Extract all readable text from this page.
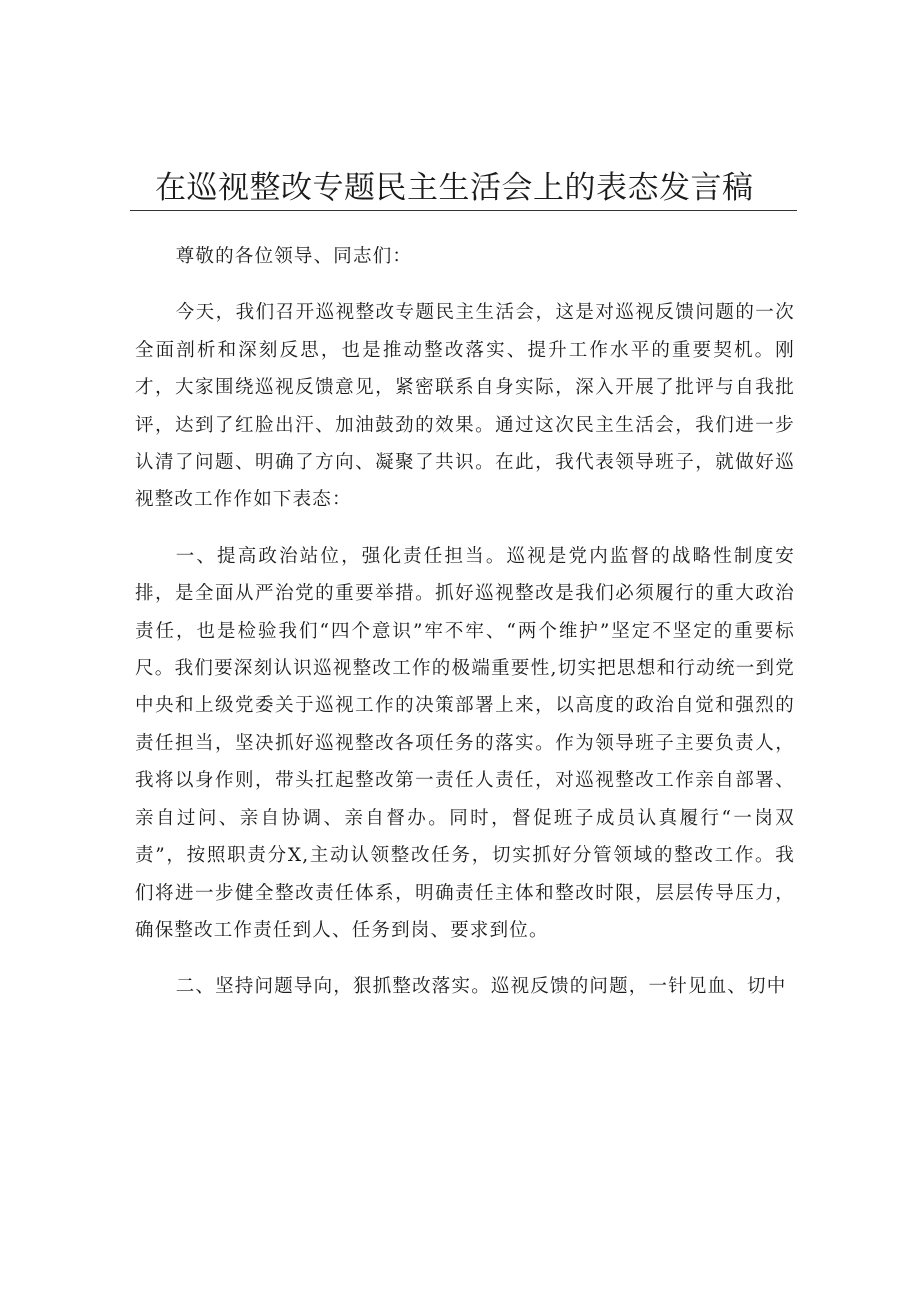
在巡视整改专题民主生活会上的表态发言稿

尊敬的各位领导、同志们：

今天，我们召开巡视整改专题民主生活会，这是对巡视反馈问题的一次全面剖析和深刻反思，也是推动整改落实、提升工作水平的重要契机。刚才，大家围绕巡视反馈意见，紧密联系自身实际，深入开展了批评与自我批评，达到了红脸出汗、加油鼓劲的效果。通过这次民主生活会，我们进一步认清了问题、明确了方向、凝聚了共识。在此，我代表领导班子，就做好巡视整改工作作如下表态：

一、提高政治站位，强化责任担当。巡视是党内监督的战略性制度安排，是全面从严治党的重要举措。抓好巡视整改是我们必须履行的重大政治责任，也是检验我们“四个意识”牢不牢、“两个维护”坚定不坚定的重要标尺。我们要深刻认识巡视整改工作的极端重要性,切实把思想和行动统一到党中央和上级党委关于巡视工作的决策部署上来，以高度的政治自觉和强烈的责任担当，坚决抓好巡视整改各项任务的落实。作为领导班子主要负责人，我将以身作则，带头扛起整改第一责任人责任，对巡视整改工作亲自部署、亲自过问、亲自协调、亲自督办。同时，督促班子成员认真履行“一岗双责”，按照职责分X,主动认领整改任务，切实抓好分管领域的整改工作。我们将进一步健全整改责任体系，明确责任主体和整改时限，层层传导压力，确保整改工作责任到人、任务到岗、要求到位。

二、坚持问题导向，狠抓整改落实。巡视反馈的问题，一针见血、切中
